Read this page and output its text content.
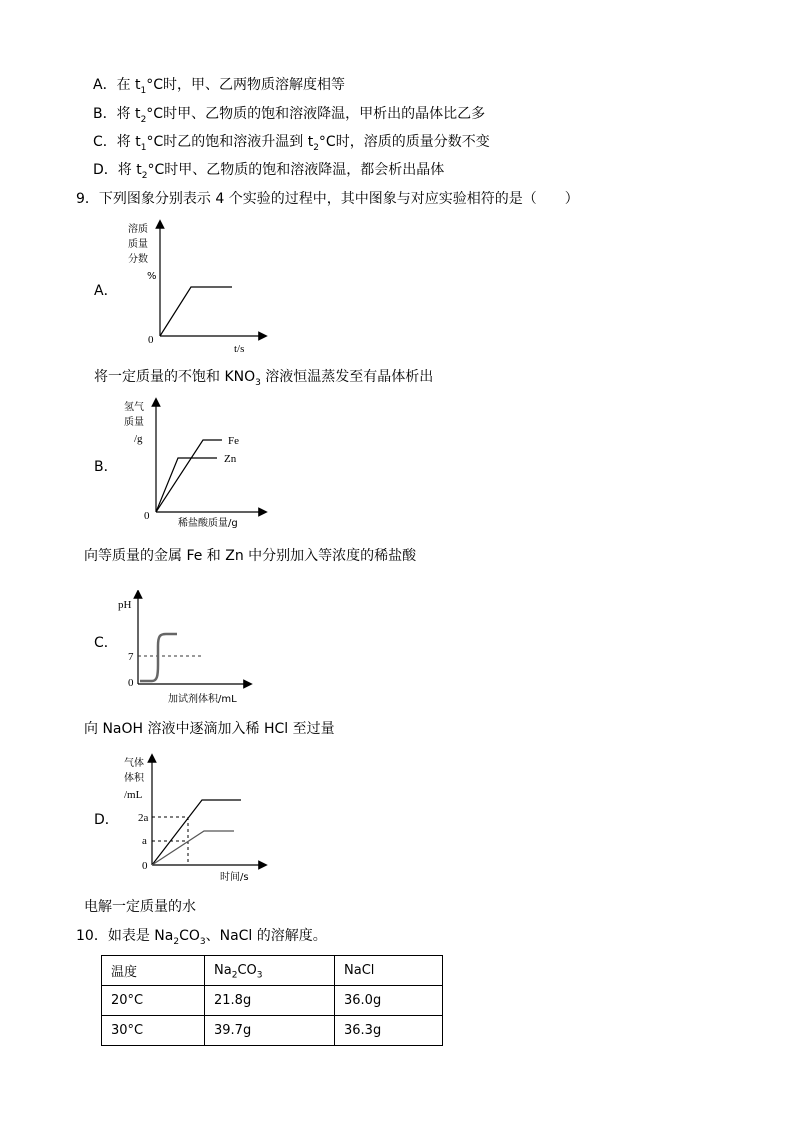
A．在 $t_1^\circ C$时，甲、乙两物质溶解度相等
B．将 $t_2^\circ C$时甲、乙物质的饱和溶液降温，甲析出的晶体比乙多
C．将 $t_1^\circ C$时乙的饱和溶液升温到 $t_2^\circ C$时，溶质的质量分数不变
D．将 $t_2^\circ C$时甲、乙物质的饱和溶液降温，都会析出晶体
9．下列图象分别表示 4 个实验的过程中，其中图象与对应实验相符的是（　　）
A．
溶质
质量
分数
%
0
t/s
将一定质量的不饱和 $KNO_3$ 溶液恒温蒸发至有晶体析出
B．
氢气
质量
/g
0
稀盐酸质量/g
Fe
Zn
向等质量的金属 Fe 和 Zn 中分别加入等浓度的稀盐酸
C．
pH
7
0
加试剂体积/mL
向 NaOH 溶液中逐滴加入稀 HCl 至过量
D．
气体
体积
/mL
2a
a
0
时间/s
电解一定质量的水
10．如表是 $Na_2CO_3$、NaCl 的溶解度。
温度	$Na_2CO_3$	NaCl
20°C	21.8g	36.0g
30°C	39.7g	36.3g
